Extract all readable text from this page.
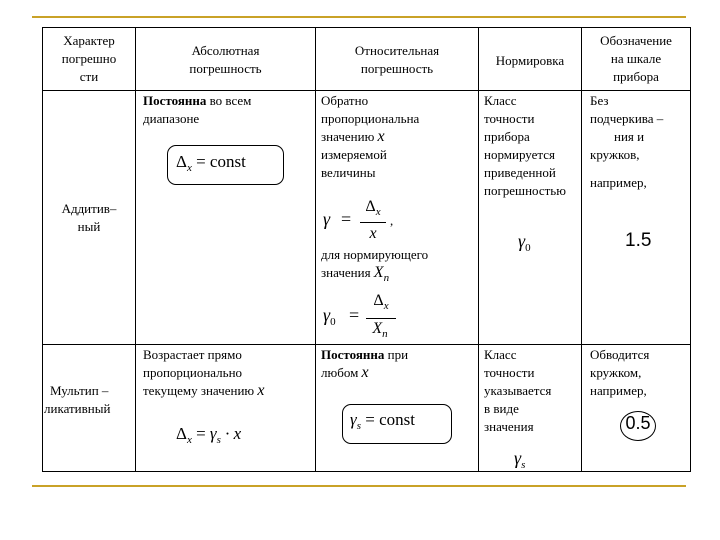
Характер
погрешно
сти
Абсолютная
погрешность
Относительная
погрешность
Нормировка
Обозначение
на шкале
прибора
Аддитив–
ный
Постоянна во всем
диапазоне
$\Delta_x$ = const
Обратно
пропорциональна
значению x
измеряемой
величины
γ =
$\Delta_x$
x
,
для нормирующего
значения $X_n$
$\gamma_0$ =
$\Delta_x$
$X_n$
Класс
точности
прибора
нормируется
приведенной
погрешностью
$\gamma_0$
Без
подчеркива –
ния и
кружков,
например,
1.5
Мультип –
ликативный
Возрастает прямо
пропорционально
текущему значению x
$\Delta_x = \gamma_s \cdot x$
Постоянна при
любом x
$\gamma_s$ = const
Класс
точности
указывается
в виде
значения
$\gamma_s$
Обводится
кружком,
например,
0.5
